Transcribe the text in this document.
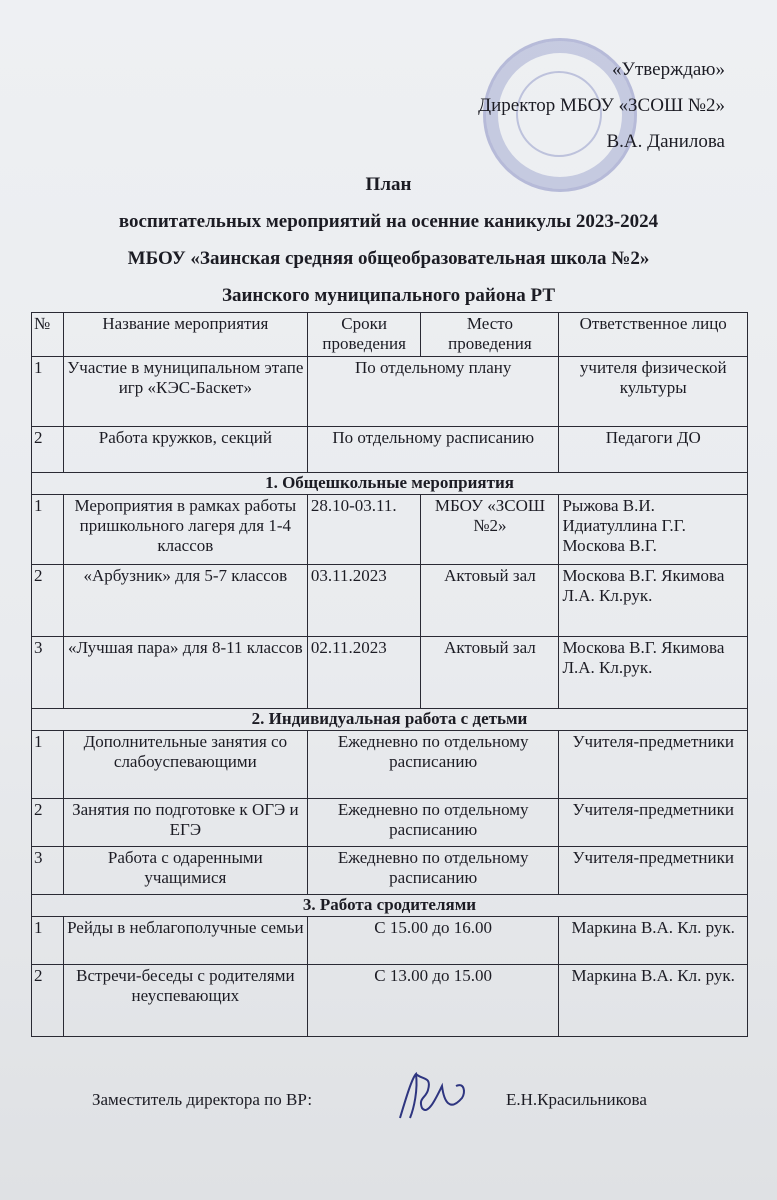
«Утверждаю»
Директор МБОУ «ЗСОШ №2»
В.А. Данилова
План
воспитательных мероприятий на осенние каникулы 2023-2024
МБОУ «Заинская средняя общеобразовательная школа №2»
Заинского муниципального района РТ
№	Название мероприятия	Сроки проведения	Место проведения	Ответственное лицо
1	Участие в муниципальном этапе игр «КЭС-Баскет»	По отдельному плану		учителя физической культуры
2	Работа кружков, секций	По отдельному расписанию		Педагоги ДО
1. Общешкольные мероприятия				
1	Мероприятия в рамках работы пришкольного лагеря для 1-4 классов	28.10-03.11.	МБОУ «ЗСОШ №2»	Рыжова В.И. Идиатуллина Г.Г. Москова В.Г.
2	«Арбузник» для 5-7 классов	03.11.2023	Актовый зал	Москова В.Г. Якимова Л.А. Кл.рук.
3	«Лучшая пара» для 8-11 классов	02.11.2023	Актовый зал	Москова В.Г. Якимова Л.А. Кл.рук.
2. Индивидуальная работа с детьми				
1	Дополнительные занятия со слабоуспевающими	Ежедневно по отдельному расписанию		Учителя-предметники
2	Занятия по подготовке к ОГЭ и ЕГЭ	Ежедневно по отдельному расписанию		Учителя-предметники
3	Работа с одаренными учащимися	Ежедневно по отдельному расписанию		Учителя-предметники
3. Работа сродителями				
1	Рейды в неблагополучные семьи	С 15.00 до 16.00		Маркина В.А. Кл. рук.
2	Встречи-беседы с родителями неуспевающих	С 13.00 до 15.00		Маркина В.А. Кл. рук.
Заместитель директора по ВР:	Е.Н.Красильникова
